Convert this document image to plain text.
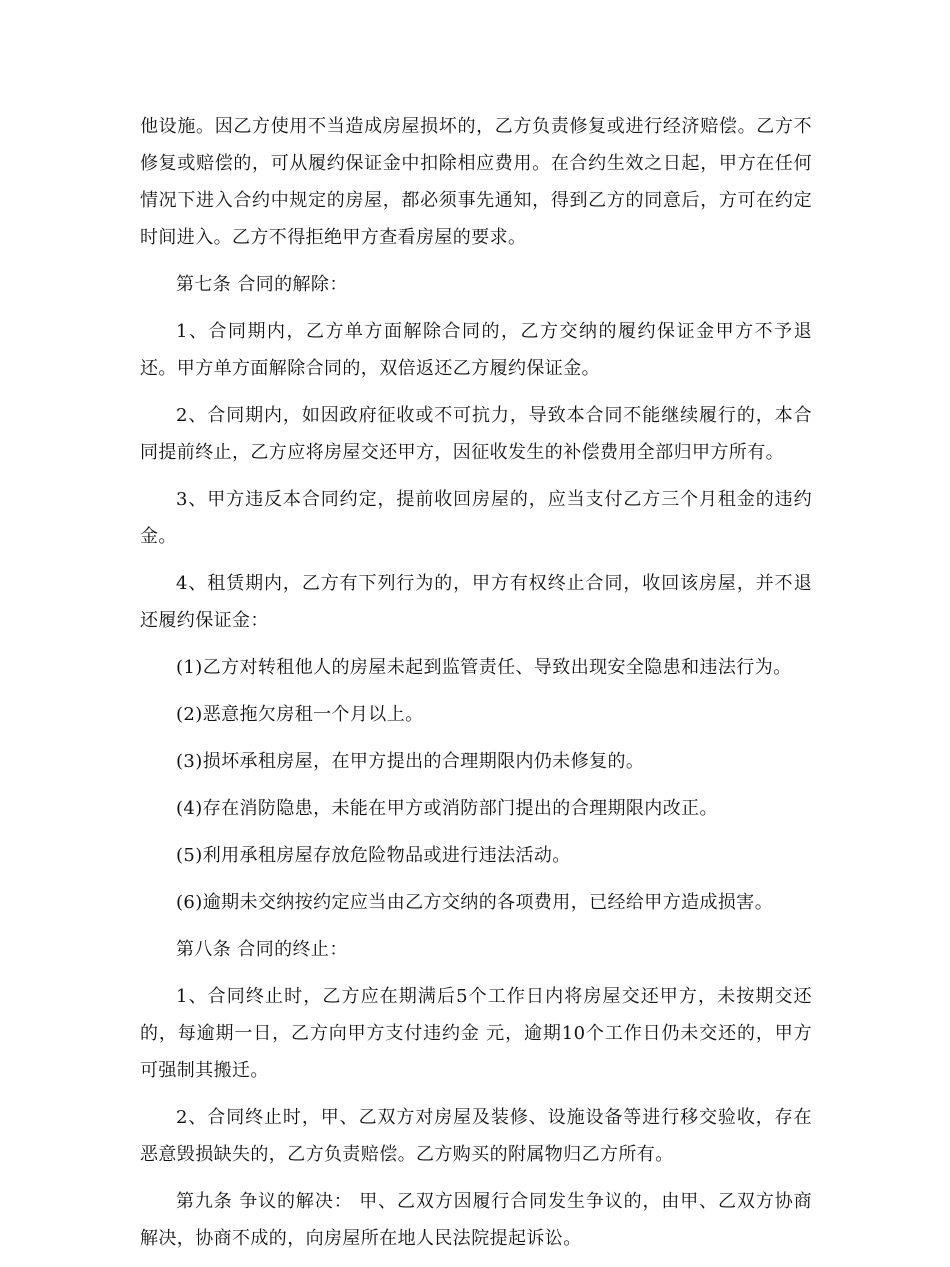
他设施。因乙方使用不当造成房屋损坏的，乙方负责修复或进行经济赔偿。乙方不修复或赔偿的，可从履约保证金中扣除相应费用。在合约生效之日起，甲方在任何情况下进入合约中规定的房屋，都必须事先通知，得到乙方的同意后，方可在约定时间进入。乙方不得拒绝甲方查看房屋的要求。

第七条 合同的解除：

1、合同期内，乙方单方面解除合同的，乙方交纳的履约保证金甲方不予退还。甲方单方面解除合同的，双倍返还乙方履约保证金。

2、合同期内，如因政府征收或不可抗力，导致本合同不能继续履行的，本合同提前终止，乙方应将房屋交还甲方，因征收发生的补偿费用全部归甲方所有。

3、甲方违反本合同约定，提前收回房屋的，应当支付乙方三个月租金的违约金。

4、租赁期内，乙方有下列行为的，甲方有权终止合同，收回该房屋，并不退还履约保证金：

(1)乙方对转租他人的房屋未起到监管责任、导致出现安全隐患和违法行为。

(2)恶意拖欠房租一个月以上。

(3)损坏承租房屋，在甲方提出的合理期限内仍未修复的。

(4)存在消防隐患，未能在甲方或消防部门提出的合理期限内改正。

(5)利用承租房屋存放危险物品或进行违法活动。

(6)逾期未交纳按约定应当由乙方交纳的各项费用，已经给甲方造成损害。

第八条 合同的终止：

1、合同终止时，乙方应在期满后5个工作日内将房屋交还甲方，未按期交还的，每逾期一日，乙方向甲方支付违约金 元，逾期10个工作日仍未交还的，甲方可强制其搬迁。

2、合同终止时，甲、乙双方对房屋及装修、设施设备等进行移交验收，存在恶意毁损缺失的，乙方负责赔偿。乙方购买的附属物归乙方所有。

第九条 争议的解决： 甲、乙双方因履行合同发生争议的，由甲、乙双方协商解决，协商不成的，向房屋所在地人民法院提起诉讼。
